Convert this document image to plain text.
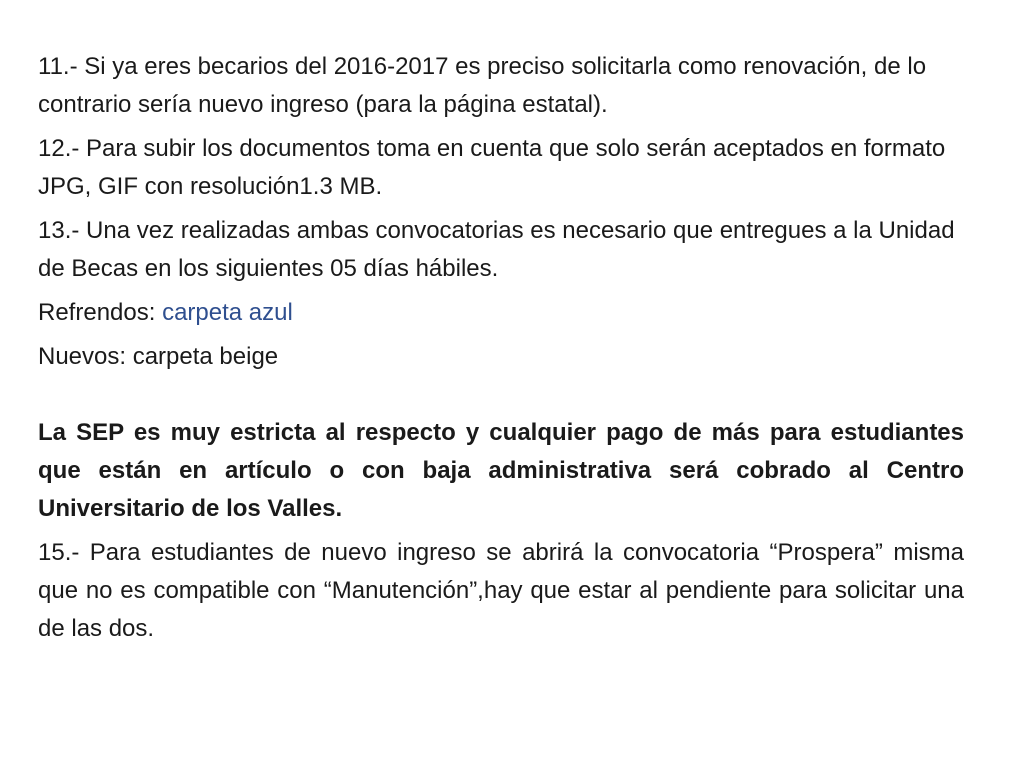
11.- Si ya eres becarios del 2016-2017 es preciso solicitarla como renovación, de lo contrario sería nuevo ingreso (para la página estatal).

12.- Para subir los documentos toma en cuenta que solo serán aceptados en formato JPG, GIF con resolución1.3 MB.

13.- Una vez realizadas ambas convocatorias es necesario que entregues a la Unidad de Becas en los siguientes 05 días hábiles.

Refrendos: carpeta azul

Nuevos: carpeta beige

La SEP es muy estricta al respecto y cualquier pago de más para estudiantes que están en artículo o con baja administrativa será cobrado al Centro Universitario de los Valles.

15.- Para estudiantes de nuevo ingreso se abrirá la convocatoria “Prospera” misma que no es compatible con “Manutención”,hay que estar al pendiente para solicitar una de las dos.
